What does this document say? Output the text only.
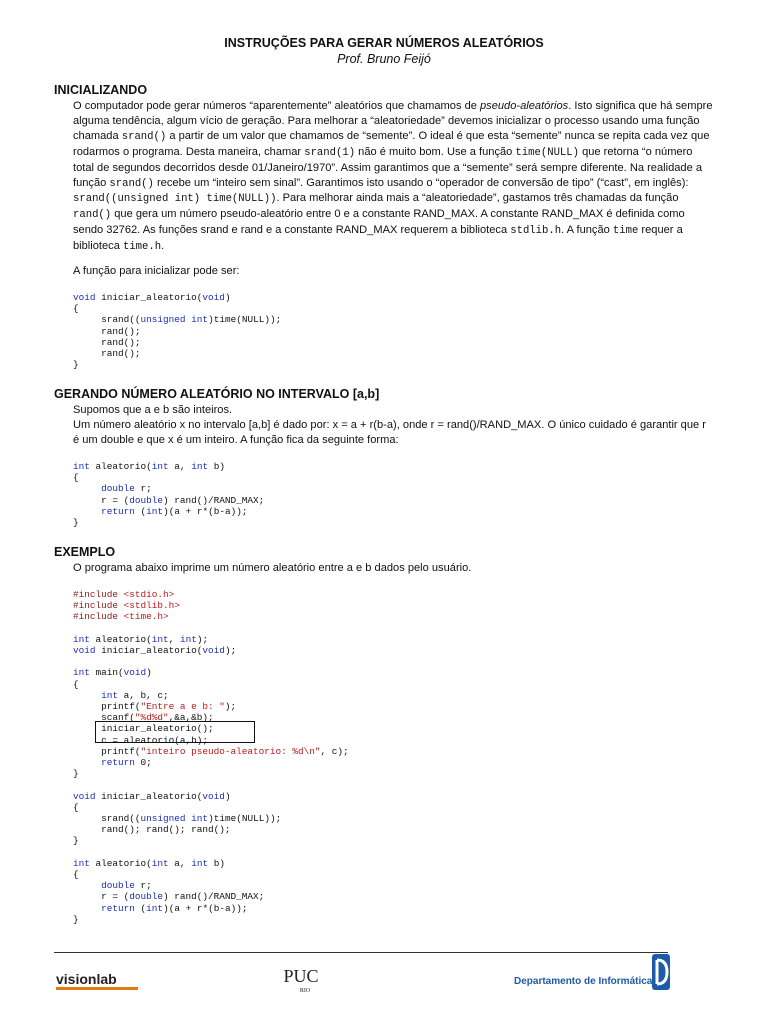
INSTRUÇÕES PARA GERAR NÚMEROS ALEATÓRIOS
Prof. Bruno Feijó
INICIALIZANDO

O computador pode gerar números “aparentemente” aleatórios que chamamos de pseudo-aleatórios. Isto significa que há sempre alguma tendência, algum vício de geração. Para melhorar a “aleatoriedade” devemos inicializar o processo usando uma função chamada srand() a partir de um valor que chamamos de “semente”. O ideal é que esta “semente” nunca se repita cada vez que rodarmos o programa. Desta maneira, chamar srand(1) não é muito bom. Use a função time(NULL) que retorna “o número total de segundos decorridos desde 01/Janeiro/1970”. Assim garantimos que a “semente” será sempre diferente. Na realidade a função srand() recebe um “inteiro sem sinal”. Garantimos isto usando o “operador de conversão de tipo” (“cast”, em inglês): srand((unsigned int) time(NULL)). Para melhorar ainda mais a “aleatoriedade”, gastamos três chamadas da função rand() que gera um número pseudo-aleatório entre 0 e a constante RAND_MAX. A constante RAND_MAX é definida como sendo 32762. As funções srand e rand e a constante RAND_MAX requerem a biblioteca stdlib.h. A função time requer a biblioteca time.h.

A função para inicializar pode ser:

void iniciar_aleatorio(void)
{
srand((unsigned int)time(NULL));
rand();
rand();
rand();
}
GERANDO NÚMERO ALEATÓRIO NO INTERVALO [a,b]

Supomos que a e b são inteiros.

Um número aleatório x no intervalo [a,b] é dado por: x = a + r(b-a), onde r = rand()/RAND_MAX. O único cuidado é garantir que r é um double e que x é um inteiro. A função fica da seguinte forma:

int aleatorio(int a, int b)
{
double r;
r = (double) rand()/RAND_MAX;
return (int)(a + r*(b-a));
}
EXEMPLO

O programa abaixo imprime um número aleatório entre a e b dados pelo usuário.

#include <stdio.h>
#include <stdlib.h>
#include <time.h>

int aleatorio(int, int);
void iniciar_aleatorio(void);

int main(void)
{
int a, b, c;
printf("Entre a e b: ");
scanf("%d%d",&a,&b);
iniciar_aleatorio();
c = aleatorio(a,b);
printf("inteiro pseudo-aleatorio: %d\n", c);
return 0;
}

void iniciar_aleatorio(void)
{
srand((unsigned int)time(NULL));
rand(); rand(); rand();
}

int aleatorio(int a, int b)
{
double r;
r = (double) rand()/RAND_MAX;
return (int)(a + r*(b-a));
}
visionlab	PUC
RIO
Departamento de Informática
